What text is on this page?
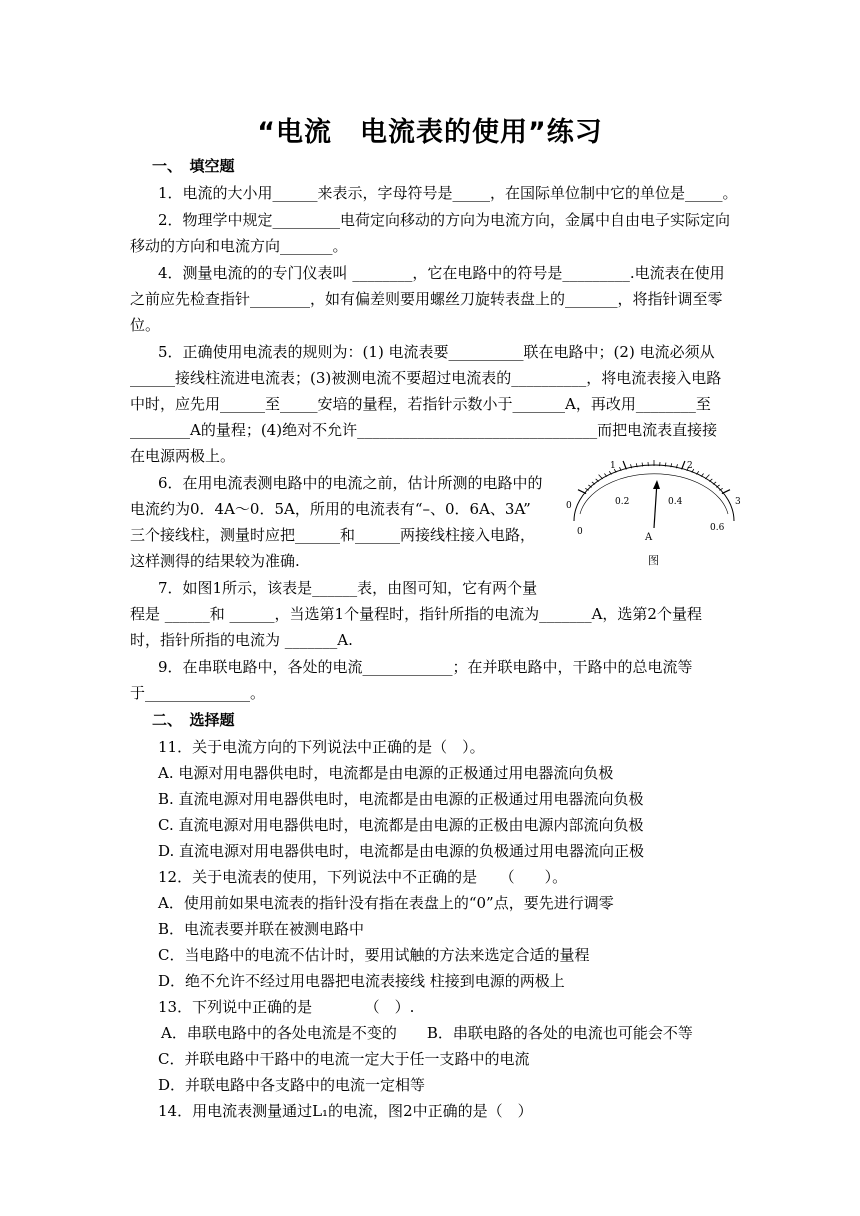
“电流　电流表的使用”练习
一、　填空题
1．电流的大小用______来表示，字母符号是_____，在国际单位制中它的单位是_____。
2．物理学中规定_________电荷定向移动的方向为电流方向，金属中自由电子实际定向
移动的方向和电流方向_______。
4．测量电流的的专门仪表叫 ________，它在电路中的符号是_________.电流表在使用
之前应先检查指针________，如有偏差则要用螺丝刀旋转表盘上的_______，将指针调至零
位。
5．正确使用电流表的规则为：(1) 电流表要__________联在电路中；(2) 电流必须从
______接线柱流进电流表；(3)被测电流不要超过电流表的__________，将电流表接入电路
中时，应先用______至_____安培的量程，若指针示数小于_______A，再改用________至
________A的量程；(4)绝对不允许________________________________而把电流表直接接
在电源两极上。
6．在用电流表测电路中的电流之前，估计所测的电路中的
电流约为0．4A～0．5A，所用的电流表有“–、0．6A、3A”
三个接线柱，测量时应把______和______两接线柱接入电路，
这样测得的结果较为准确.
7．如图1所示，该表是______表，由图可知，它有两个量
程是 ______和 ______，当选第1个量程时，指针所指的电流为_______A，选第2个量程
时，指针所指的电流为 _______A.
9．在串联电路中，各处的电流____________；在并联电路中，干路中的总电流等
于______________。
二、　选择题
11．关于电流方向的下列说法中正确的是（　）。
A. 电源对用电器供电时，电流都是由电源的正极通过用电器流向负极
B. 直流电源对用电器供电时，电流都是由电源的正极通过用电器流向负极
C. 直流电源对用电器供电时，电流都是由电源的正极由电源内部流向负极
D. 直流电源对用电器供电时，电流都是由电源的负极通过用电器流向正极
12．关于电流表的使用，下列说法中不正确的是　　（　　）。
A．使用前如果电流表的指针没有指在表盘上的“0”点，要先进行调零
B．电流表要并联在被测电路中
C．当电路中的电流不估计时，要用试触的方法来选定合适的量程
D．绝不允许不经过用电器把电流表接线 柱接到电源的两极上
13．下列说中正确的是　　　　（　）.
A．串联电路中的各处电流是不变的　　B．串联电路的各处的电流也可能会不等
C．并联电路中干路中的电流一定大于任一支路中的电流
D．并联电路中各支路中的电流一定相等
14．用电流表测量通过L₁的电流，图2中正确的是（　）
0
1	2
3
0
0.2	0.4
0.6
A
图
